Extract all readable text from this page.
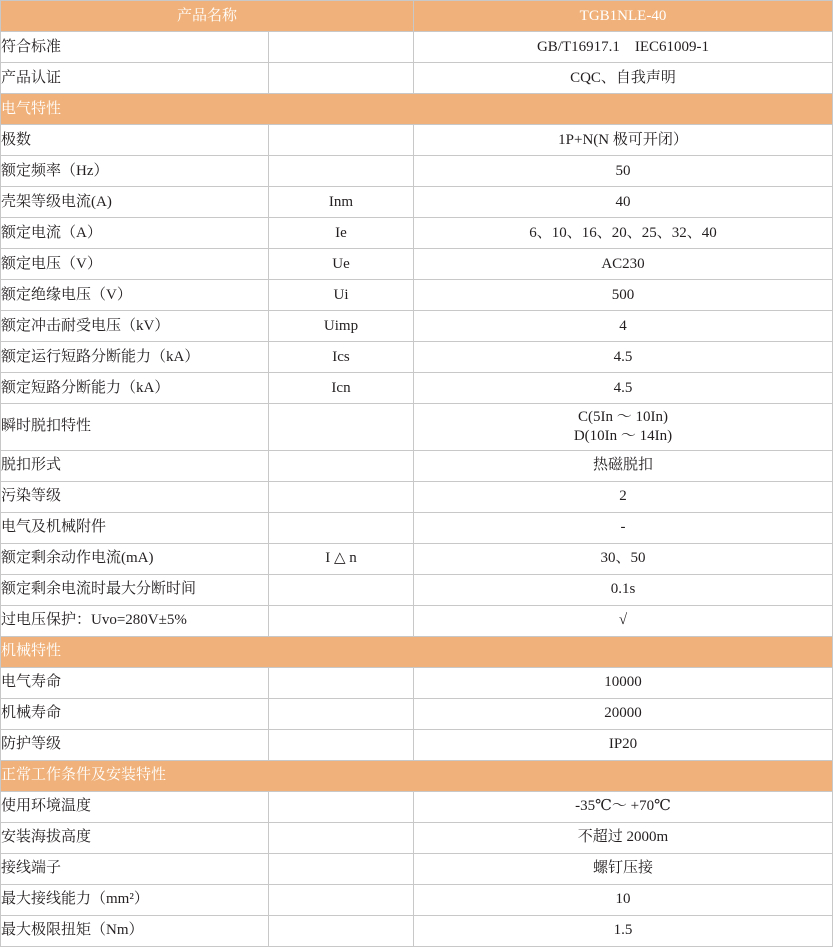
产品名称		TGB1NLE-40
符合标准		GB/T16917.1　IEC61009-1
产品认证		CQC、自我声明
电气特性		
极数		1P+N(N 极可开闭）
额定频率（Hz）		50
壳架等级电流(A)	Inm	40
额定电流（A）	Ie	6、10、16、20、25、32、40
额定电压（V）	Ue	AC230
额定绝缘电压（V）	Ui	500
额定冲击耐受电压（kV）	Uimp	4
额定运行短路分断能力（kA）	Ics	4.5
额定短路分断能力（kA）	Icn	4.5
瞬时脱扣特性		C(5In ～ 10In)
D(10In ～ 14In)

脱扣形式		热磁脱扣
污染等级		2
电气及机械附件		-
额定剩余动作电流(mA)	I △ n	30、50
额定剩余电流时最大分断时间		0.1s
过电压保护：Uvo=280V±5%		√
机械特性		
电气寿命		10000
机械寿命		20000
防护等级		IP20
正常工作条件及安装特性		
使用环境温度		-35℃～ +70℃
安装海拔高度		不超过 2000m
接线端子		螺钉压接
最大接线能力（mm²）		10
最大极限扭矩（Nm）		1.5
